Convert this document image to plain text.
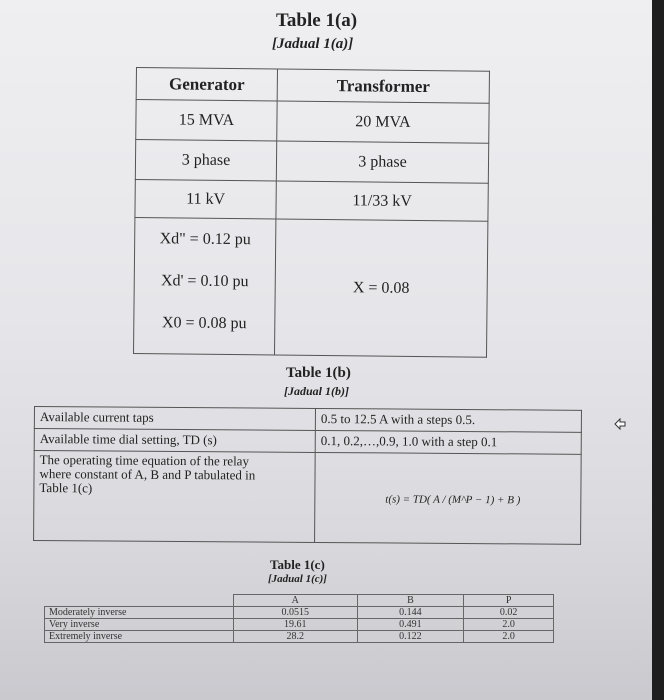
Table 1(a)
[Jadual 1(a)]
Generator	Transformer
15 MVA	20 MVA
3 phase	3 phase
11 kV	11/33 kV

Xd" = 0.12 pu
Xd' = 0.10 pu
X0 = 0.08 pu	X = 0.08
Table 1(b)
[Jadual 1(b)]
Available current taps	0.5 to 12.5 A with a steps 0.5.
Available time dial setting, TD (s)	0.1, 0.2,…,0.9, 1.0 with a step 0.1

The operating time equation of the relay
where constant of A, B and P tabulated in
Table 1(c)	t(s) = TD( A / (M^P − 1) + B )
Table 1(c)
[Jadual 1(c)]
	A	B	P
Moderately inverse	0.0515	0.144	0.02
Very inverse	19.61	0.491	2.0
Extremely inverse	28.2	0.122	2.0
